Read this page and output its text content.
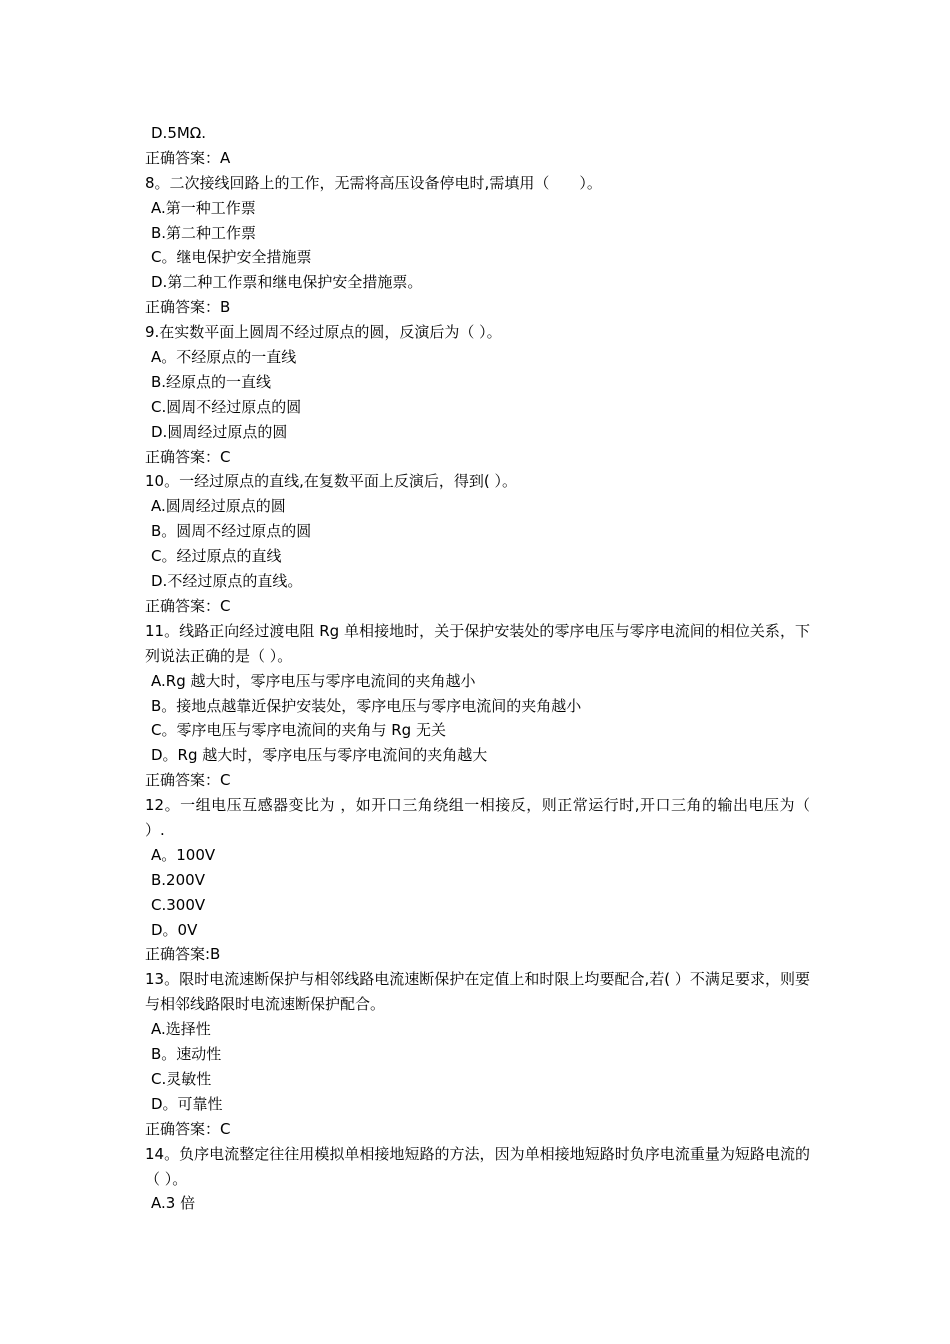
D.5MΩ.
正确答案：A
8。二次接线回路上的工作，无需将高压设备停电时,需填用（　　）。
A.第一种工作票
B.第二种工作票
C。继电保护安全措施票
D.第二种工作票和继电保护安全措施票。
正确答案：B
9.在实数平面上圆周不经过原点的圆，反演后为（ ）。
A。不经原点的一直线
B.经原点的一直线
C.圆周不经过原点的圆
D.圆周经过原点的圆
正确答案：C
10。一经过原点的直线,在复数平面上反演后，得到( ）。
A.圆周经过原点的圆
B。圆周不经过原点的圆
C。经过原点的直线
D.不经过原点的直线。
正确答案：C
11。线路正向经过渡电阻 Rg 单相接地时，关于保护安装处的零序电压与零序电流间的相位关系，下列说法正确的是（ ）。
A.Rg 越大时，零序电压与零序电流间的夹角越小
B。接地点越靠近保护安装处，零序电压与零序电流间的夹角越小
C。零序电压与零序电流间的夹角与 Rg 无关
D。Rg 越大时，零序电压与零序电流间的夹角越大
正确答案：C
12。一组电压互感器变比为 ，如开口三角绕组一相接反，则正常运行时,开口三角的输出电压为（ ）.
A。100V
B.200V
C.300V
D。0V
正确答案:B
13。限时电流速断保护与相邻线路电流速断保护在定值上和时限上均要配合,若( ）不满足要求，则要与相邻线路限时电流速断保护配合。
A.选择性
B。速动性
C.灵敏性
D。可靠性
正确答案：C
14。负序电流整定往往用模拟单相接地短路的方法，因为单相接地短路时负序电流重量为短路电流的（ ）。
A.3 倍
